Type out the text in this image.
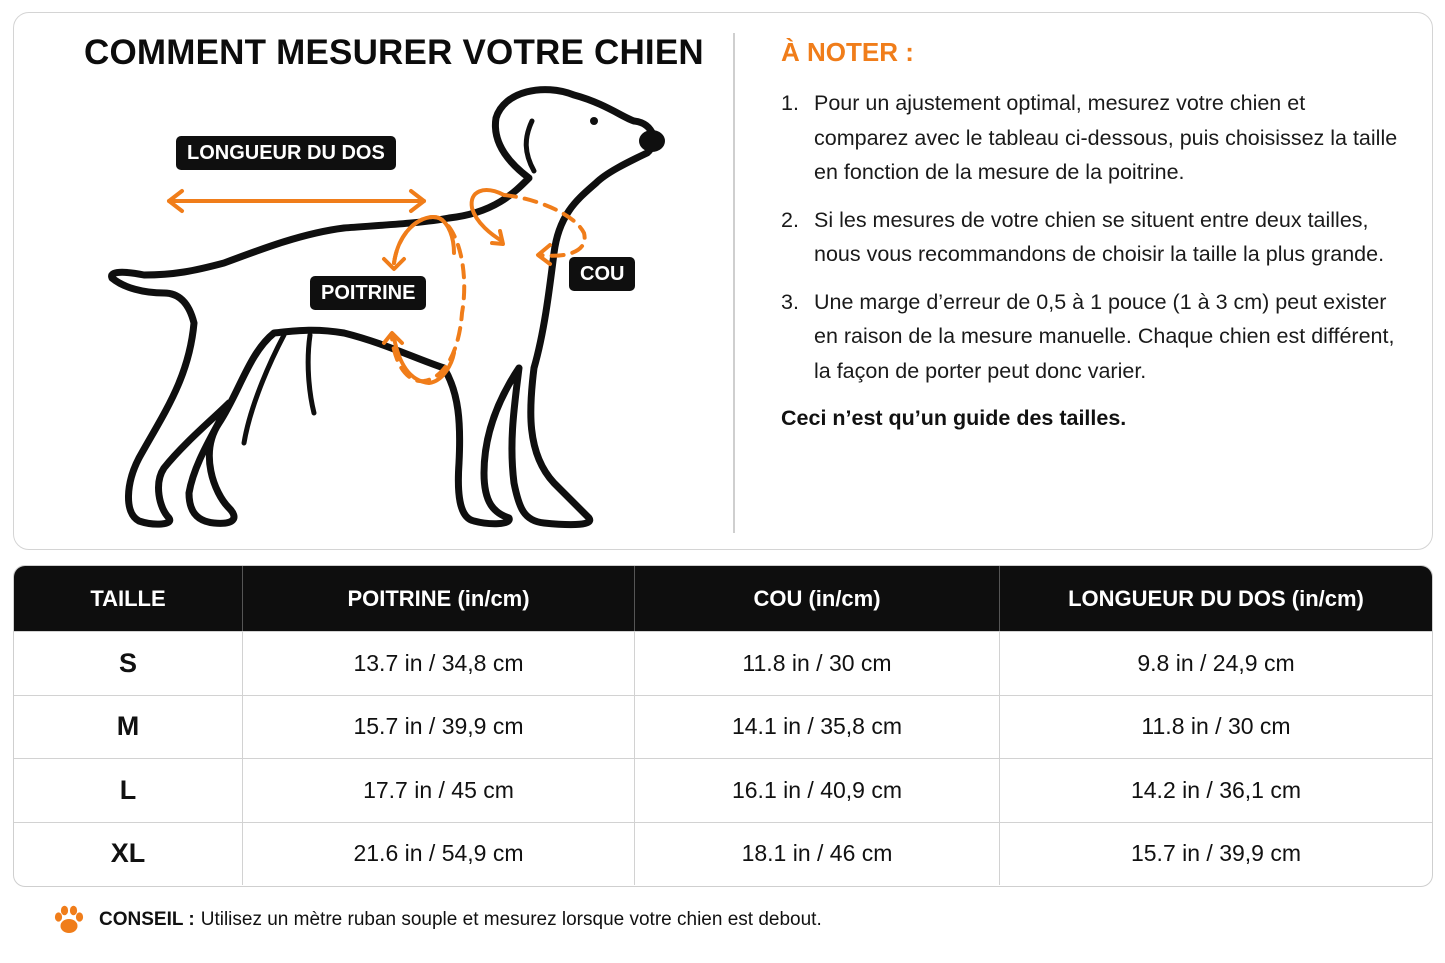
COMMENT MESURER VOTRE CHIEN
LONGUEUR DU DOS
POITRINE
COU
À NOTER :
1. Pour un ajustement optimal, mesurez votre chien et comparez avec le tableau ci-dessous, puis choisissez la taille en fonction de la mesure de la poitrine.
2. Si les mesures de votre chien se situent entre deux tailles, nous vous recommandons de choisir la taille la plus grande.
3. Une marge d’erreur de 0,5 à 1 pouce (1 à 3 cm) peut exister en raison de la mesure manuelle. Chaque chien est différent, la façon de porter peut donc varier.
Ceci n’est qu’un guide des tailles.
TAILLE	POITRINE (in/cm)	COU (in/cm)	LONGUEUR DU DOS (in/cm)
S	13.7 in / 34,8 cm	11.8 in / 30 cm	9.8 in / 24,9 cm
M	15.7 in / 39,9 cm	14.1 in / 35,8 cm	11.8 in / 30 cm
L	17.7 in / 45 cm	16.1 in / 40,9 cm	14.2 in / 36,1 cm
XL	21.6 in / 54,9 cm	18.1 in / 46 cm	15.7 in / 39,9 cm
CONSEIL : Utilisez un mètre ruban souple et mesurez lorsque votre chien est debout.
